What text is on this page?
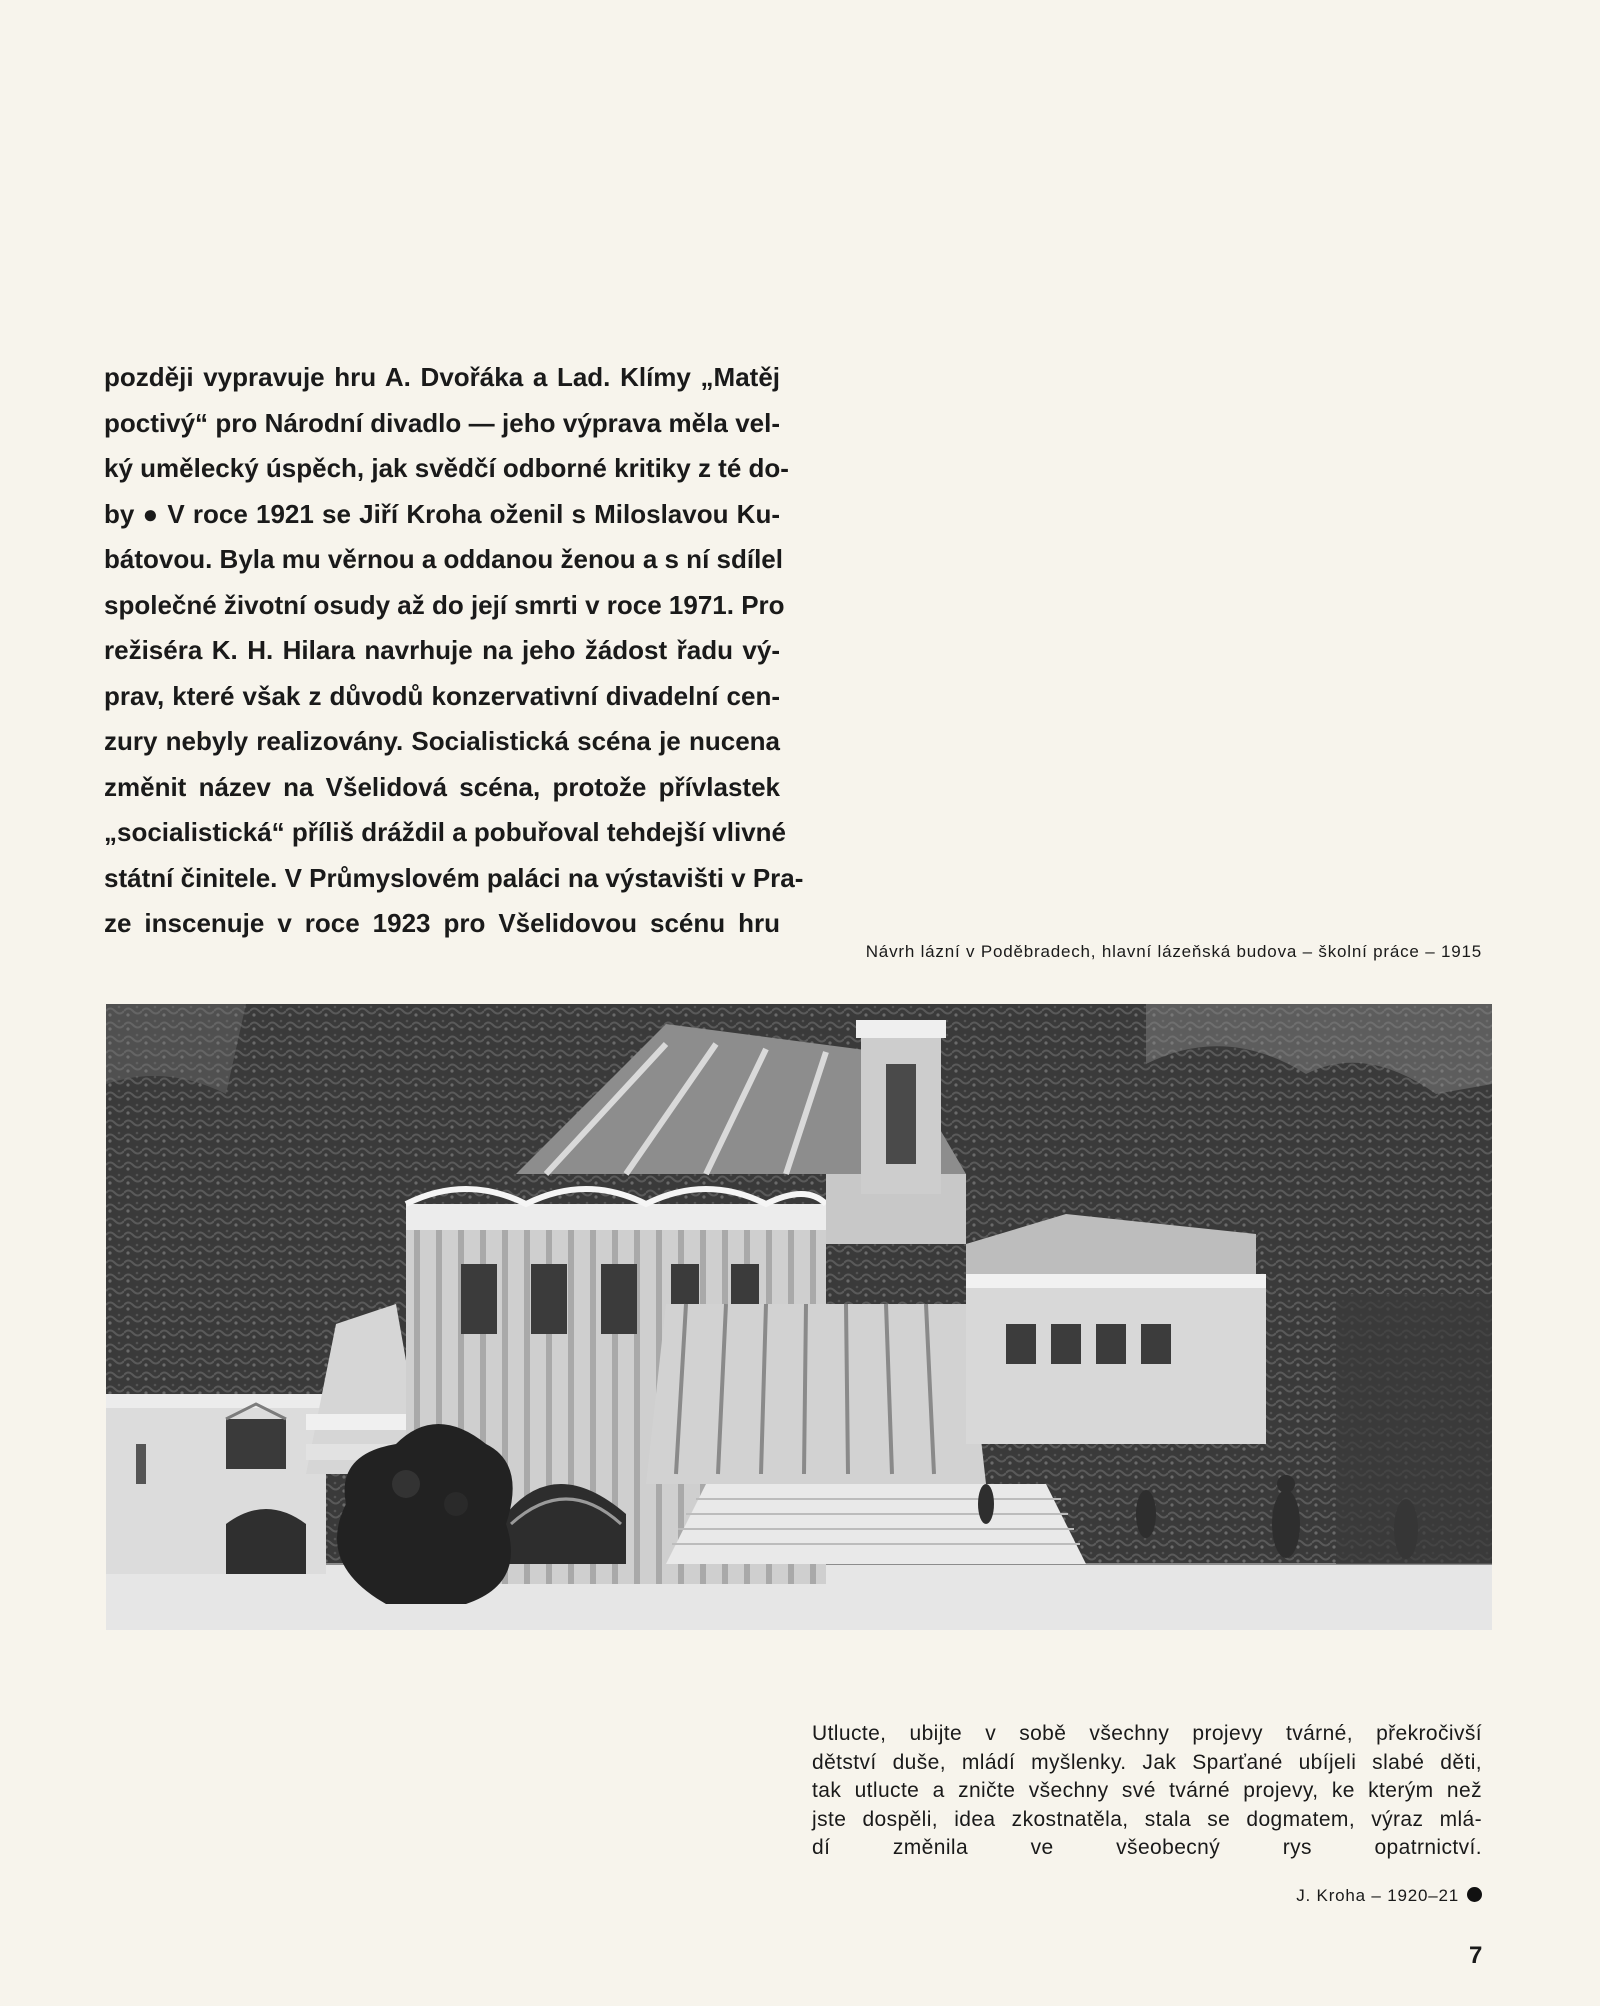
později vypravuje hru A. Dvořáka a Lad. Klímy „Matěj
poctivý“ pro Národní divadlo — jeho výprava měla vel-
ký umělecký úspěch, jak svědčí odborné kritiky z té do-
by ● V roce 1921 se Jiří Kroha oženil s Miloslavou Ku-
bátovou. Byla mu věrnou a oddanou ženou a s ní sdílel
společné životní osudy až do její smrti v roce 1971. Pro
režiséra K. H. Hilara navrhuje na jeho žádost řadu vý-
prav, které však z důvodů konzervativní divadelní cen-
zury nebyly realizovány. Socialistická scéna je nucena
změnit název na Všelidová scéna, protože přívlastek
„socialistická“ příliš dráždil a pobuřoval tehdejší vlivné
státní činitele. V Průmyslovém paláci na výstavišti v Pra-
ze inscenuje v roce 1923 pro Všelidovou scénu hru

Návrh lázní v Poděbradech, hlavní lázeňská budova – školní práce – 1915

Utlucte, ubijte v sobě všechny projevy tvárné, překročivší
dětství duše, mládí myšlenky. Jak Sparťané ubíjeli slabé děti,
tak utlucte a zničte všechny své tvárné projevy, ke kterým než
jste dospěli, idea zkostnatěla, stala se dogmatem, výraz mlá-
dí změnila ve všeobecný rys opatrnictví.
J. Kroha – 1920–21
7
